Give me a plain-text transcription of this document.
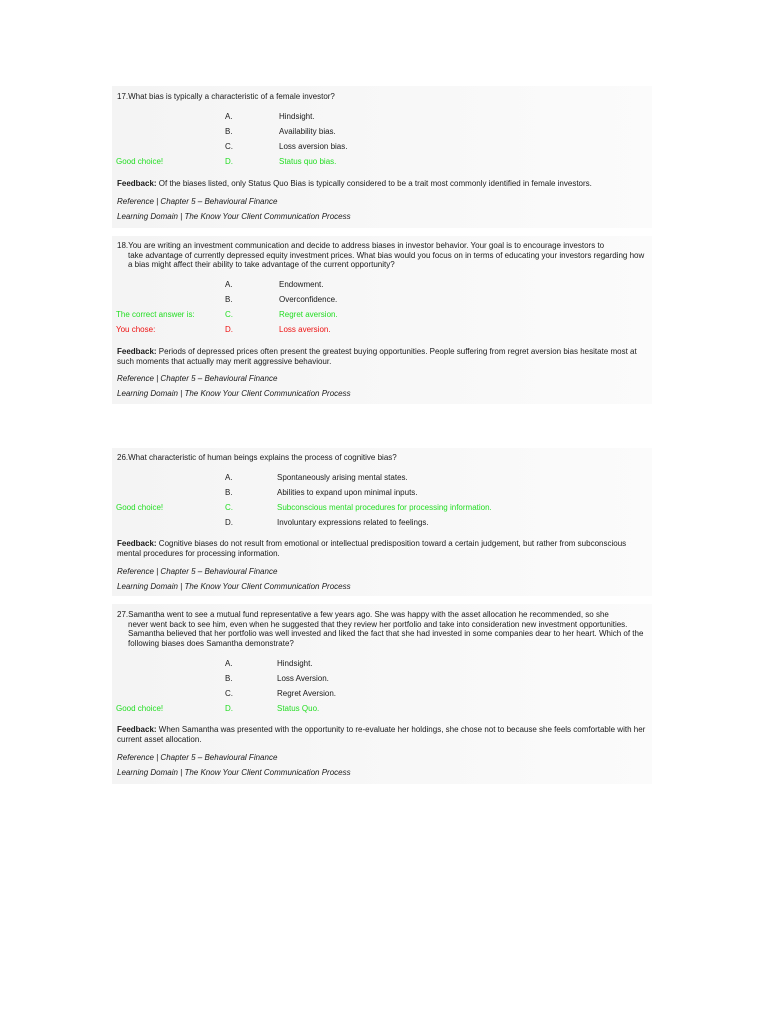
17.What bias is typically a characteristic of a female investor?
A.	Hindsight.
B.	Availability bias.
C.	Loss aversion bias.
Good choice!	D.	Status quo bias.
Feedback: Of the biases listed, only Status Quo Bias is typically considered to be a trait most commonly identified in female investors.
Reference | Chapter 5 – Behavioural Finance
Learning Domain | The Know Your Client Communication Process
18.You are writing an investment communication and decide to address biases in investor behavior. Your goal is to encourage investors to
take advantage of currently depressed equity investment prices. What bias would you focus on in terms of educating your investors regarding how a bias might affect their ability to take advantage of the current opportunity?
A.	Endowment.
B.	Overconfidence.
The correct answer is:	C.	Regret aversion.
You chose:	D.	Loss aversion.
Feedback: Periods of depressed prices often present the greatest buying opportunities. People suffering from regret aversion bias hesitate most at such moments that actually may merit aggressive behaviour.
Reference | Chapter 5 – Behavioural Finance
Learning Domain | The Know Your Client Communication Process
26.What characteristic of human beings explains the process of cognitive bias?
A.	Spontaneously arising mental states.
B.	Abilities to expand upon minimal inputs.
Good choice!	C.	Subconscious mental procedures for processing information.
D.	Involuntary expressions related to feelings.
Feedback: Cognitive biases do not result from emotional or intellectual predisposition toward a certain judgement, but rather from subconscious mental procedures for processing information.
Reference | Chapter 5 – Behavioural Finance
Learning Domain | The Know Your Client Communication Process
27.Samantha went to see a mutual fund representative a few years ago. She was happy with the asset allocation he recommended, so she
never went back to see him, even when he suggested that they review her portfolio and take into consideration new investment opportunities. Samantha believed that her portfolio was well invested and liked the fact that she had invested in some companies dear to her heart. Which of the following biases does Samantha demonstrate?
A.	Hindsight.
B.	Loss Aversion.
C.	Regret Aversion.
Good choice!	D.	Status Quo.
Feedback: When Samantha was presented with the opportunity to re-evaluate her holdings, she chose not to because she feels comfortable with her current asset allocation.
Reference | Chapter 5 – Behavioural Finance
Learning Domain | The Know Your Client Communication Process
